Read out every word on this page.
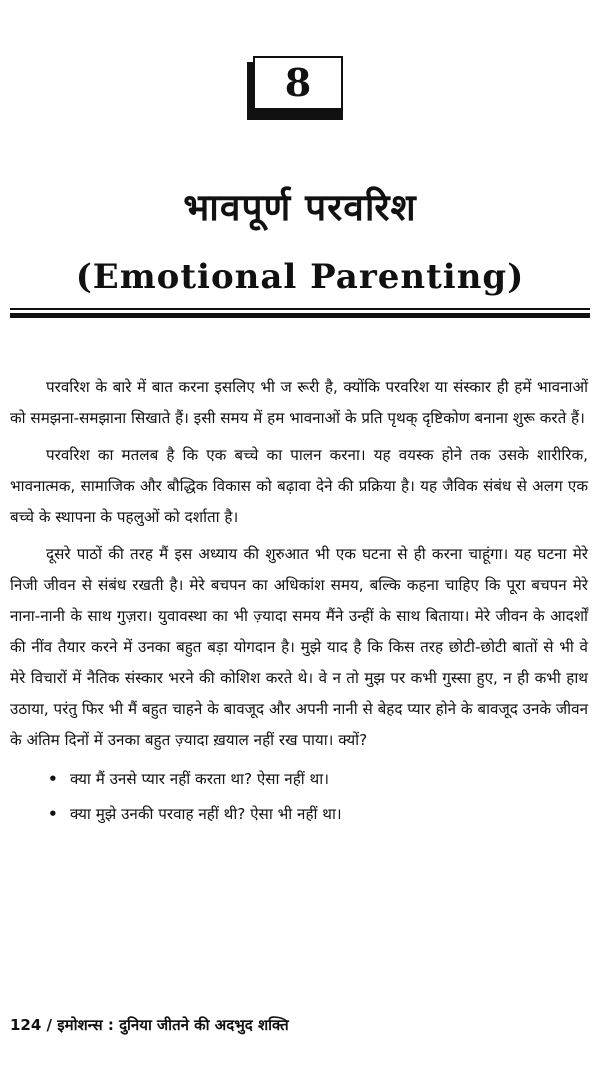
8
भावपूर्ण परवरिश
(Emotional Parenting)

परवरिश के बारे में बात करना इसलिए भी ज रूरी है, क्योंकि परवरिश या संस्कार ही हमें भावनाओं को समझना-समझाना सिखाते हैं। इसी समय में हम भावनाओं के प्रति पृथक् दृष्टिकोण बनाना शुरू करते हैं।

परवरिश का मतलब है कि एक बच्चे का पालन करना। यह वयस्क होने तक उसके शारीरिक, भावनात्मक, सामाजिक और बौद्धिक विकास को बढ़ावा देने की प्रक्रिया है। यह जैविक संबंध से अलग एक बच्चे के स्थापना के पहलुओं को दर्शाता है।

दूसरे पाठों की तरह मैं इस अध्याय की शुरुआत भी एक घटना से ही करना चाहूंगा। यह घटना मेरे निजी जीवन से संबंध रखती है। मेरे बचपन का अधिकांश समय, बल्कि कहना चाहिए कि पूरा बचपन मेरे नाना-नानी के साथ गुज़रा। युवावस्था का भी ज़्यादा समय मैंने उन्हीं के साथ बिताया। मेरे जीवन के आदर्शों की नींव तैयार करने में उनका बहुत बड़ा योगदान है। मुझे याद है कि किस तरह छोटी-छोटी बातों से भी वे मेरे विचारों में नैतिक संस्कार भरने की कोशिश करते थे। वे न तो मुझ पर कभी गुस्सा हुए, न ही कभी हाथ उठाया, परंतु फिर भी मैं बहुत चाहने के बावजूद और अपनी नानी से बेहद प्यार होने के बावजूद उनके जीवन के अंतिम दिनों में उनका बहुत ज़्यादा ख़याल नहीं रख पाया। क्यों?

• क्या मैं उनसे प्यार नहीं करता था? ऐसा नहीं था।
• क्या मुझे उनकी परवाह नहीं थी? ऐसा भी नहीं था।
124 / इमोशन्स : दुनिया जीतने की अदभुद शक्ति
